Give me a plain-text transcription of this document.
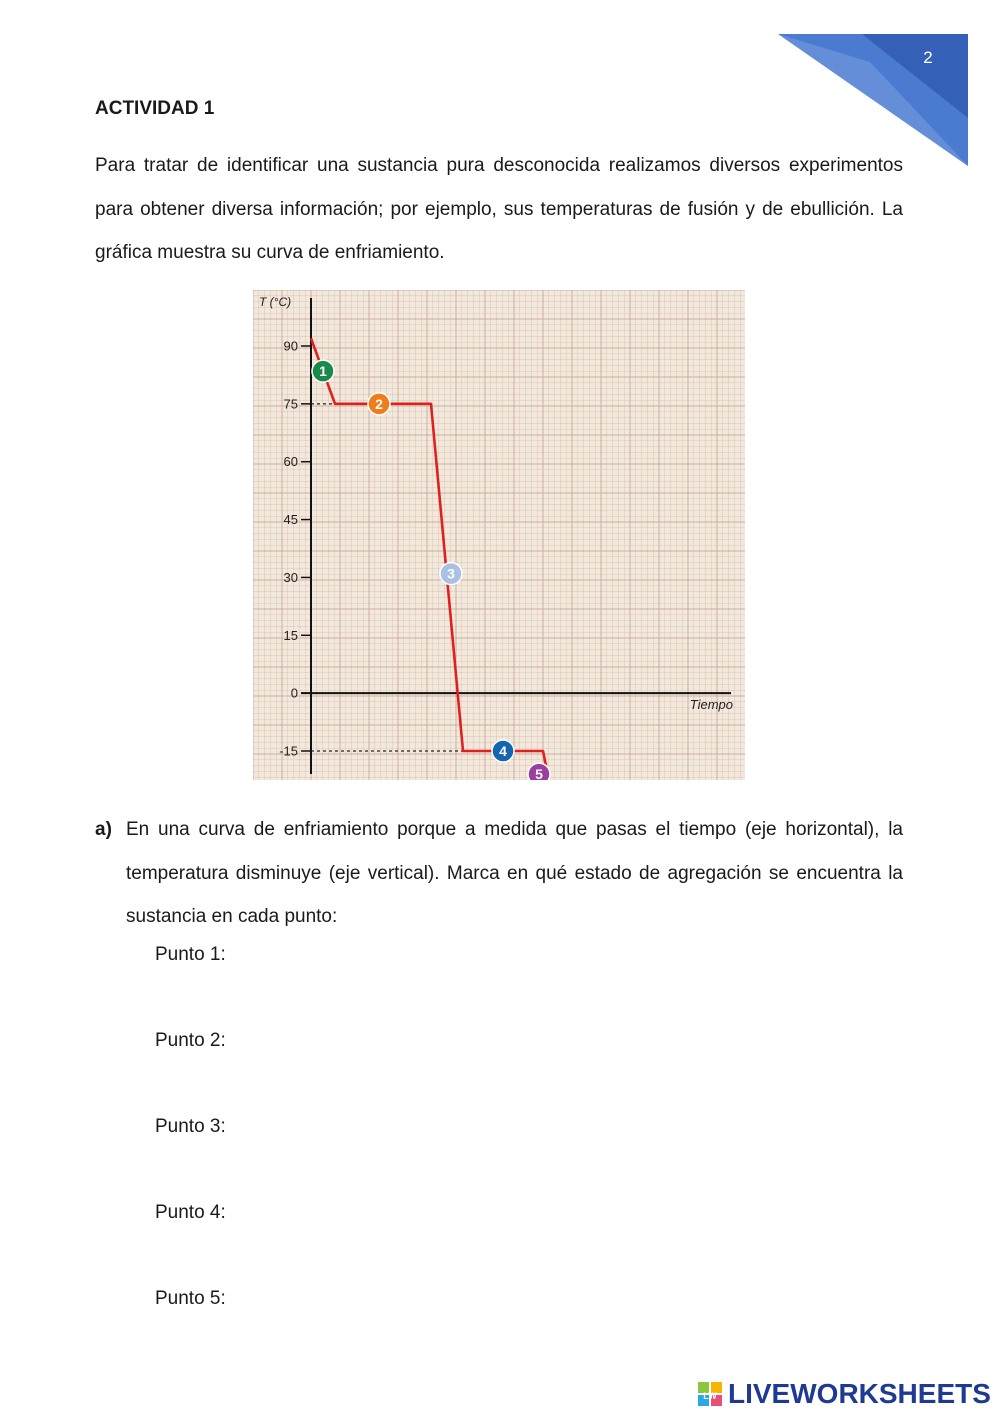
2
ACTIVIDAD 1

Para tratar de identificar una sustancia pura desconocida realizamos diversos experimentos para obtener diversa información; por ejemplo, sus temperaturas de fusión y de ebullición. La gráfica muestra su curva de enfriamiento.

90
75
60
45
30
15
0
-15
1
2
3
4
5
T (°C)
Tiempo
a) En una curva de enfriamiento porque a medida que pasas el tiempo (eje horizontal), la temperatura disminuye (eje vertical). Marca en qué estado de agregación se encuentra la sustancia en cada punto:

Punto 1:
Punto 2:
Punto 3:
Punto 4:
Punto 5:
LW LIVEWORKSHEETS
